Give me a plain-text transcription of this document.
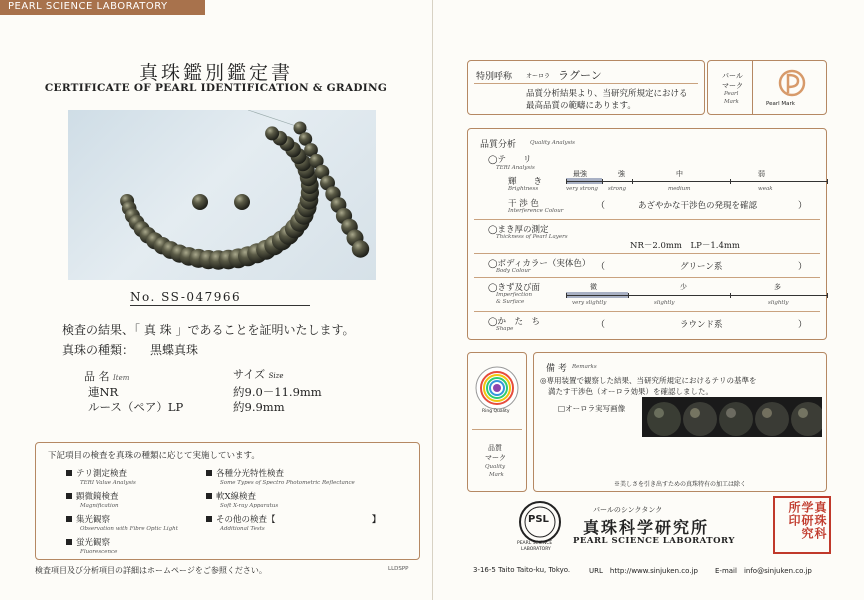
PEARL SCIENCE LABORATORY
真珠鑑別鑑定書
CERTIFICATE OF PEARL IDENTIFICATION & GRADING
No. SS-047966
検査の結果、「 真 珠 」であることを証明いたします。
真珠の種類： 黒蝶真珠
品 名 Item	サイズ Size
連NR	約9.0－11.9mm
ルース（ペア）LP	約9.9mm
下記項目の検査を真珠の種類に応じて実施しています。
テリ測定検査
TERI Value Analysis
顕微鏡検査
Magnification
集光観察
Observation with Fibre Optic Light
蛍光観察
Fluorescence
各種分光特性検査
Some Types of Spectro Photometric Reflectance
軟X線検査
Soft X-ray Apparatus
その他の検査【
Additional Tests
】
検査項目及び分析項目の詳細はホームページをご参照ください。	LLDSPP
特別呼称 オーロラ ラグーン
品質分析結果より、当研究所規定における
最高品質の範疇にあります。
パール
マーク
Pearl
Mark	Pearl Mark
品質分析	Quality Analysis
◯テ　　リ
TERI Analysis
輝　　き
Brightness
最強	強	中	弱
very strong strong	medium	weak
干 渉 色
Interference Colour	（	あざやかな干渉色の発現を確認	）
◯まき厚の測定
Thickness of Pearl Layers
NR－2.0mm　LP－1.4mm
◯ボディカラー（実体色）
Body Colour	（	グリーン系	）
◯きず及び面
Imperfection
& Surface
微	少	多
very slightly	slightly	slightly
◯か　た　ち
Shape	（	ラウンド系	）
Ring Quality
品質
マーク
Quality
Mark
備 考 Remarks
◎専用装置で観察した結果、当研究所規定におけるテリの基準を
満たす干渉色（オーロラ効果）を確認しました。
□オーロラ実写画像
※美しさを引き出すための真珠特有の加工は除く
PSL
PEARL SCIENCE
LABORATORY
パールのシンクタンク
真珠科学研究所
PEARL SCIENCE LABORATORY
真珠科学研究所印
3-16-5 Taito Taito-ku, Tokyo.	URL　http://www.sinjuken.co.jp E-mail　info@sinjuken.co.jp
